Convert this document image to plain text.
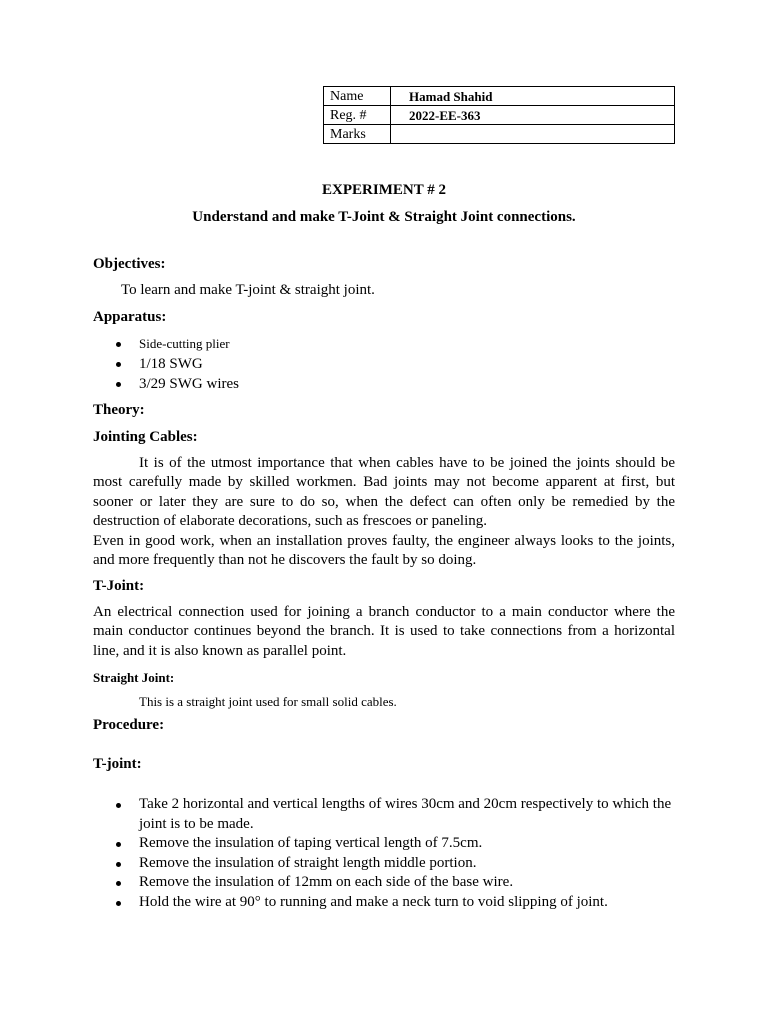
Name	Hamad Shahid
Reg. #	2022-EE-363
Marks	
EXPERIMENT # 2
Understand and make T-Joint & Straight Joint connections.
Objectives:
To learn and make T-joint & straight joint.
Apparatus:
Side-cutting plier
1/18 SWG
3/29 SWG wires
Theory:
Jointing Cables:

It is of the utmost importance that when cables have to be joined the joints should be most carefully made by skilled workmen. Bad joints may not become apparent at first, but sooner or later they are sure to do so, when the defect can often only be remedied by the destruction of elaborate decorations, such as frescoes or paneling.

Even in good work, when an installation proves faulty, the engineer always looks to the joints, and more frequently than not he discovers the fault by so doing.

T-Joint:

An electrical connection used for joining a branch conductor to a main conductor where the main conductor continues beyond the branch. It is used to take connections from a horizontal line, and it is also known as parallel point.

Straight Joint:
This is a straight joint used for small solid cables.
Procedure:
T-joint:
Take 2 horizontal and vertical lengths of wires 30cm and 20cm respectively to which the joint is to be made.
Remove the insulation of taping vertical length of 7.5cm.
Remove the insulation of straight length middle portion.
Remove the insulation of 12mm on each side of the base wire.
Hold the wire at 90° to running and make a neck turn to void slipping of joint.
